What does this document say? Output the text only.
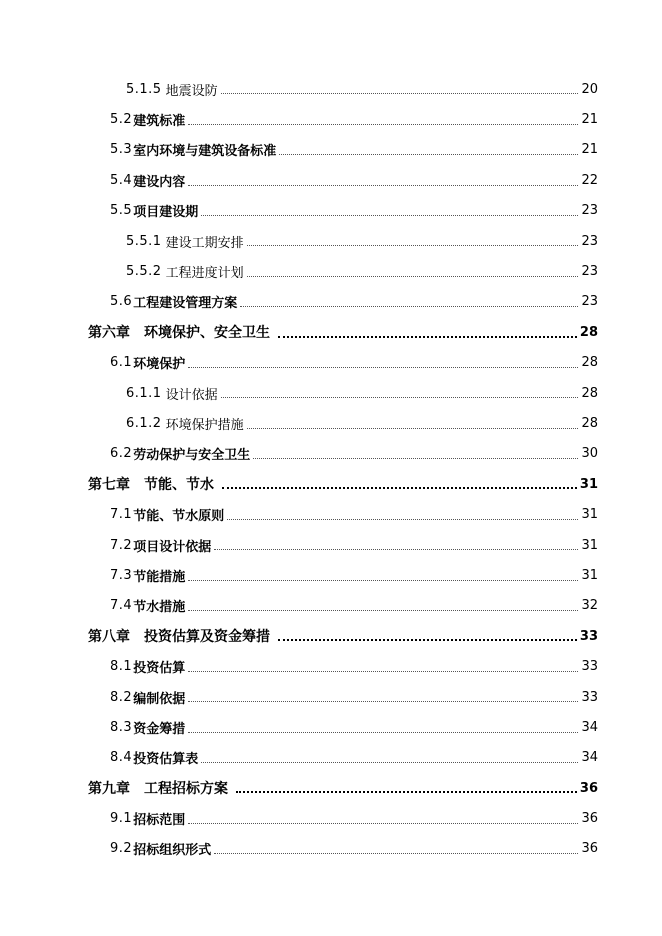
5.1.5 地震设防	20
5.2 建筑标准	21
5.3 室内环境与建筑设备标准	21
5.4 建设内容	22
5.5 项目建设期	23
5.5.1 建设工期安排	23
5.5.2 工程进度计划	23
5.6 工程建设管理方案	23
第六章 环境保护、安全卫生	28
6.1 环境保护	28
6.1.1 设计依据	28
6.1.2 环境保护措施	28
6.2 劳动保护与安全卫生	30
第七章 节能、节水	31
7.1 节能、节水原则	31
7.2 项目设计依据	31
7.3 节能措施	31
7.4 节水措施	32
第八章 投资估算及资金筹措	33
8.1 投资估算	33
8.2 编制依据	33
8.3 资金筹措	34
8.4 投资估算表	34
第九章 工程招标方案	36
9.1 招标范围	36
9.2 招标组织形式	36
